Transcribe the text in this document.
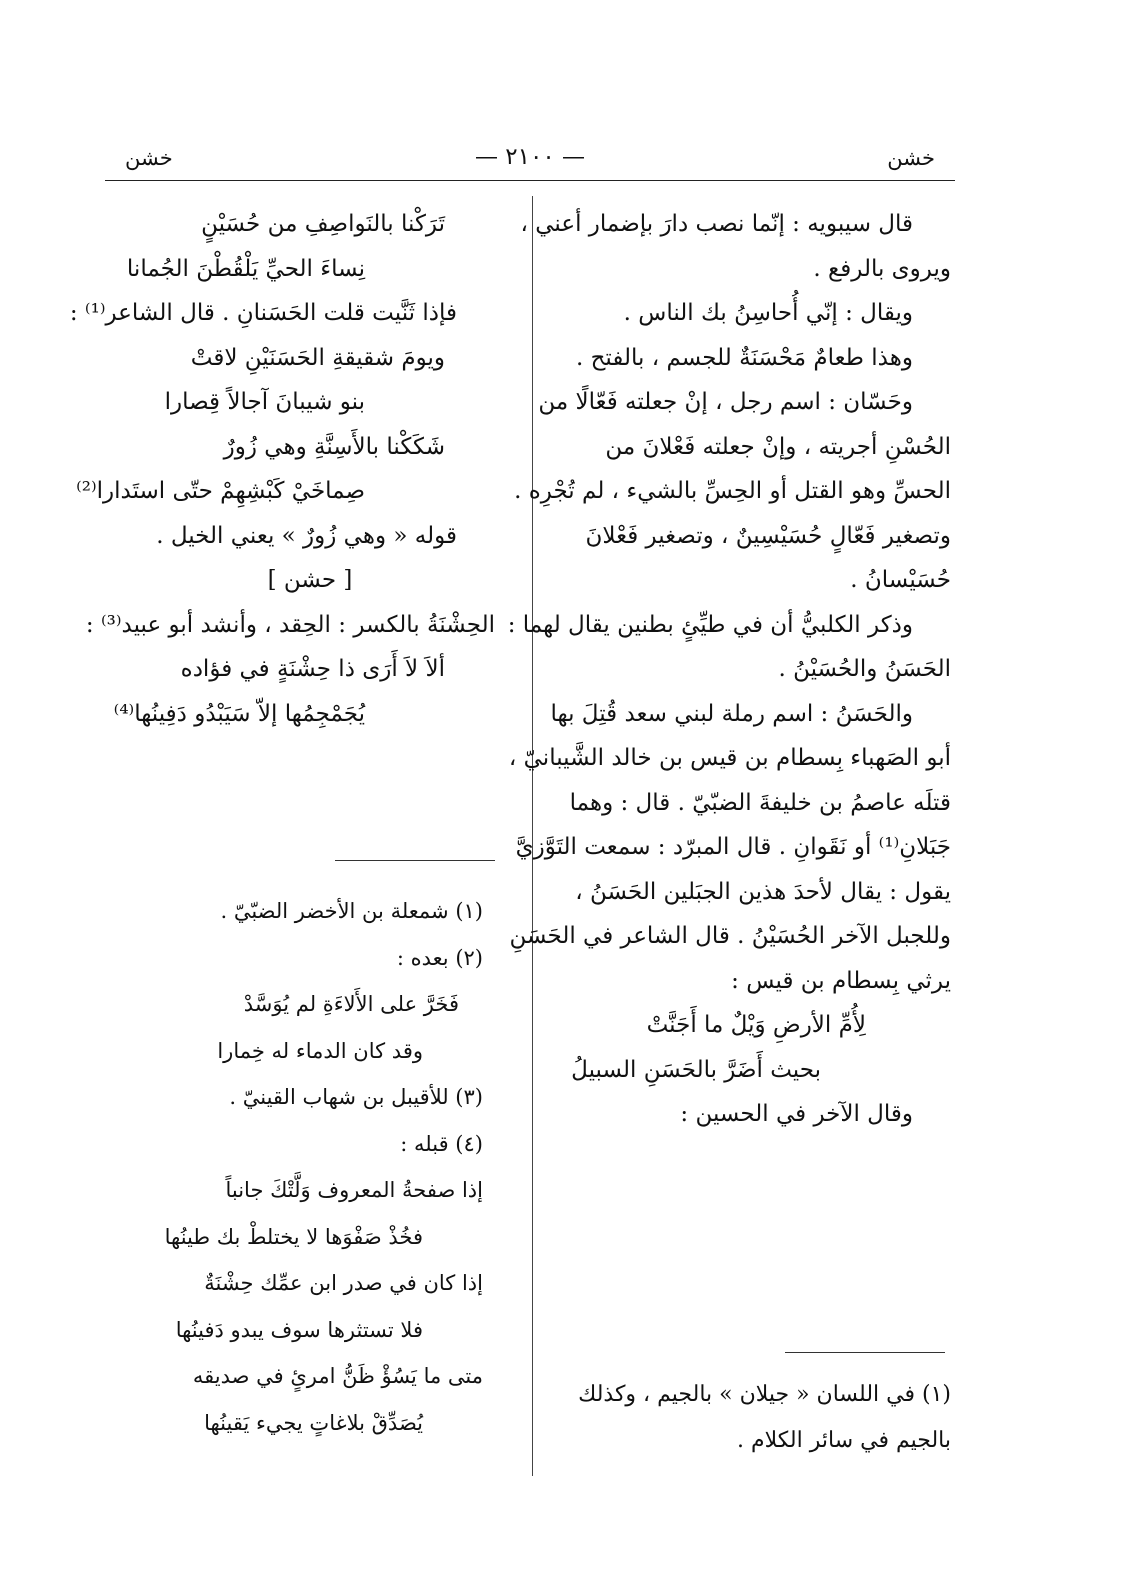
خشن
— ٢١٠٠ —
خشن
قال سيبويه : إنّما نصب دارَ بإضمار أعني ،
ويروى بالرفع .
ويقال : إنّي أُحاسِنُ بك الناس .
وهذا طعامٌ مَحْسَنَةٌ للجسم ، بالفتح .
وحَسّان : اسم رجل ، إنْ جعلته فَعّالًا من
الحُسْنِ أجريته ، وإنْ جعلته فَعْلانَ من
الحسِّ وهو القتل أو الحِسِّ بالشيء ، لم تُجْرِه .
وتصغير فَعّالٍ حُسَيْسِينٌ ، وتصغير فَعْلانَ
حُسَيْسانُ .
وذكر الكلبيُّ أن في طيِّئٍ بطنين يقال لهما :
الحَسَنُ والحُسَيْنُ .
والحَسَنُ : اسم رملة لبني سعد قُتِلَ بها
أبو الصَهباء بِسطام بن قيس بن خالد الشَّيبانيّ ،
قتلَه عاصمُ بن خليفةَ الضبّيّ . قال : وهما
جَبَلانِ⁽¹⁾ أو نَقَوانِ . قال المبرّد : سمعت التَوَّزيَّ
يقول : يقال لأحدَ هذين الجبَلين الحَسَنُ ،
وللجبل الآخر الحُسَيْنُ . قال الشاعر في الحَسَنِ
يرثي بِسطام بن قيس :
لِأُمِّ الأرضِ وَيْلٌ ما أَجَنَّتْ
بحيث أَضَرَّ بالحَسَنِ السبيلُ
وقال الآخر في الحسين :
(١) في اللسان « جيلان » بالجيم ، وكذلك
بالجيم في سائر الكلام .
تَرَكْنا بالنَواصِفِ من حُسَيْنٍ
نِساءَ الحيِّ يَلْقُطْنَ الجُمانا
فإذا ثَنَّيت قلت الحَسَنانِ . قال الشاعر⁽¹⁾ :
ويومَ شقيقةِ الحَسَنَيْنِ لاقتْ
بنو شيبانَ آجالاً قِصارا
شَكَكْنا بالأَسِنَّةِ وهي زُورٌ
صِماخَيْ كَبْشِهِمْ حتّى استَدارا⁽²⁾
قوله « وهي زُورٌ » يعني الخيل .
[ حشن ]
الحِشْنَةُ بالكسر : الحِقد ، وأنشد أبو عبيد⁽³⁾ :
ألاَ لاَ أَرَى ذا حِشْنَةٍ في فؤاده
يُجَمْجِمُها إلاّ سَيَبْدُو دَفِينُها⁽⁴⁾
(١) شمعلة بن الأخضر الضبّيّ .
(٢) بعده :
فَخَرَّ على الأَلاءَةِ لم يُوَسَّدْ
وقد كان الدماء له خِمارا
(٣) للأقيبل بن شهاب القينيّ .
(٤) قبله :
إذا صفحةُ المعروف وَلَّتْكَ جانباً
فخُذْ صَفْوَها لا يختلطْ بك طينُها
إذا كان في صدر ابن عمِّك حِشْنَةٌ
فلا تستثرها سوف يبدو دَفينُها
متى ما يَسُؤْ ظَنُّ امرئٍ في صديقه
يُصَدِّقْ بلاغاتٍ يجيء يَقينُها
